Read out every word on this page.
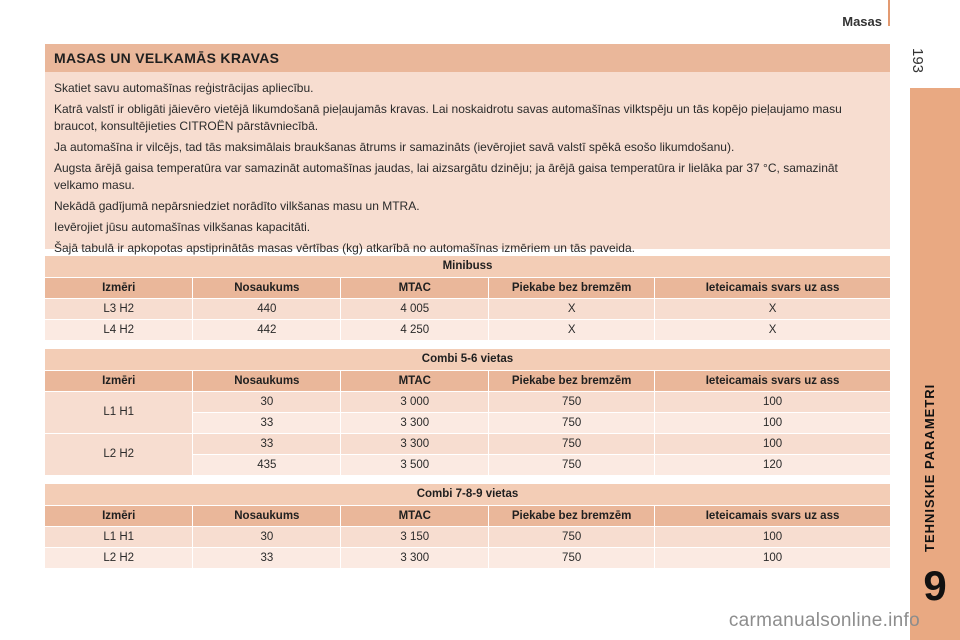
Masas
193
TEHNISKIE PARAMETRI
9
MASAS UN VELKAMĀS KRAVAS

Skatiet savu automašīnas reģistrācijas apliecību.

Katrā valstī ir obligāti jāievēro vietējā likumdošanā pieļaujamās kravas. Lai noskaidrotu savas automašīnas vilktspēju un tās kopējo pieļaujamo masu braucot, konsultējieties CITROËN pārstāvniecībā.

Ja automašīna ir vilcējs, tad tās maksimālais braukšanas ātrums ir samazināts (ievērojiet savā valstī spēkā esošo likumdošanu).

Augsta ārējā gaisa temperatūra var samazināt automašīnas jaudas, lai aizsargātu dzinēju; ja ārējā gaisa temperatūra ir lielāka par 37 °C, samazināt velkamo masu.

Nekādā gadījumā nepārsniedziet norādīto vilkšanas masu un MTRA.

Ievērojiet jūsu automašīnas vilkšanas kapacitāti.

Šajā tabulā ir apkopotas apstiprinātās masas vērtības (kg) atkarībā no automašīnas izmēriem un tās paveida.

Minibuss				
Izmēri	Nosaukums	MTAC	Piekabe bez bremzēm	Ieteicamais svars uz ass
L3 H2	440	4 005	X	X
L4 H2	442	4 250	X	X
Combi 5-6 vietas				
Izmēri	Nosaukums	MTAC	Piekabe bez bremzēm	Ieteicamais svars uz ass
L1 H1	30	3 000	750	100
	33	3 300	750	100
L2 H2	33	3 300	750	100
	435	3 500	750	120
Combi 7-8-9 vietas				
Izmēri	Nosaukums	MTAC	Piekabe bez bremzēm	Ieteicamais svars uz ass
L1 H1	30	3 150	750	100
L2 H2	33	3 300	750	100
carmanualsonline.info
